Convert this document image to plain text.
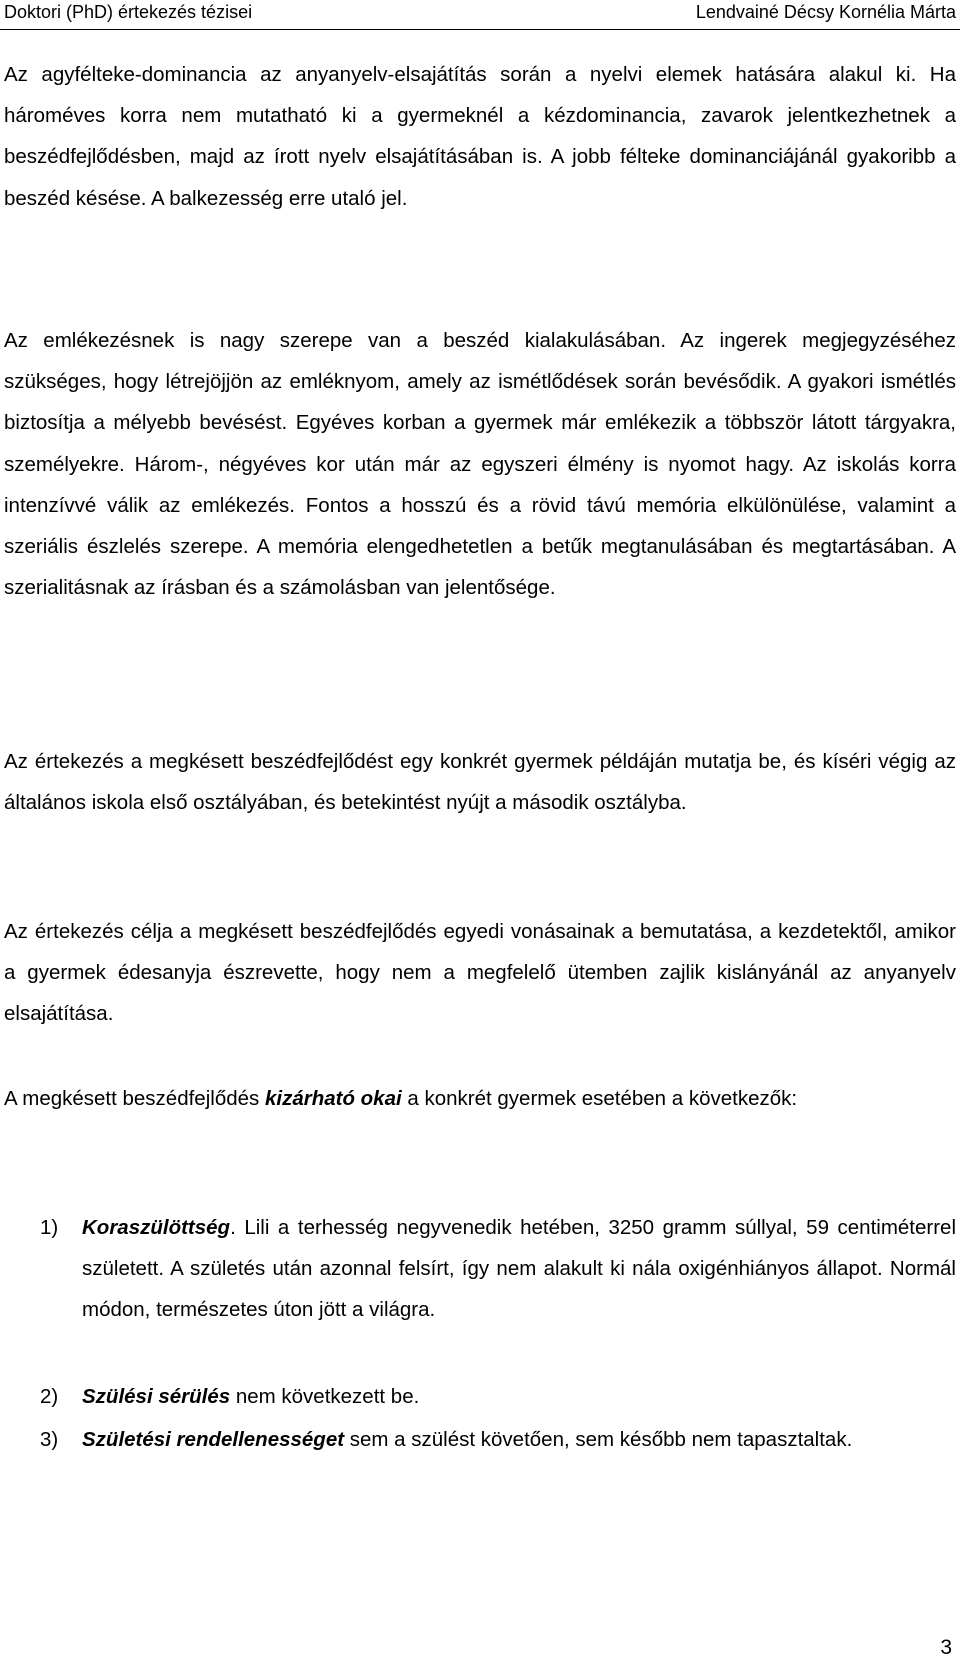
Doktori (PhD) értekezés tézisei	Lendvainé Décsy Kornélia Márta

Az agyfélteke-dominancia az anyanyelv-elsajátítás során a nyelvi elemek hatására alakul ki. Ha hároméves korra nem mutatható ki a gyermeknél a kézdominancia, zavarok jelentkezhetnek a beszédfejlődésben, majd az írott nyelv elsajátításában is. A jobb félteke dominanciájánál gyakoribb a beszéd késése. A balkezesség erre utaló jel.

Az emlékezésnek is nagy szerepe van a beszéd kialakulásában. Az ingerek megjegyzéséhez szükséges, hogy létrejöjjön az emléknyom, amely az ismétlődések során bevésődik. A gyakori ismétlés biztosítja a mélyebb bevésést. Egyéves korban a gyermek már emlékezik a többször látott tárgyakra, személyekre. Három-, négyéves kor után már az egyszeri élmény is nyomot hagy. Az iskolás korra intenzívvé válik az emlékezés. Fontos a hosszú és a rövid távú memória elkülönülése, valamint a szeriális észlelés szerepe. A memória elengedhetetlen a betűk megtanulásában és megtartásában. A szerialitásnak az írásban és a számolásban van jelentősége.

Az értekezés a megkésett beszédfejlődést egy konkrét gyermek példáján mutatja be, és kíséri végig az általános iskola első osztályában, és betekintést nyújt a második osztályba.

Az értekezés célja a megkésett beszédfejlődés egyedi vonásainak a bemutatása, a kezdetektől, amikor a gyermek édesanyja észrevette, hogy nem a megfelelő ütemben zajlik kislányánál az anyanyelv elsajátítása.

A megkésett beszédfejlődés kizárható okai a konkrét gyermek esetében a következők:

1) Koraszülöttség. Lili a terhesség negyvenedik hetében, 3250 gramm súllyal, 59 centiméterrel született. A születés után azonnal felsírt, így nem alakult ki nála oxigénhiányos állapot. Normál módon, természetes úton jött a világra.
2) Szülési sérülés nem következett be.
3) Születési rendellenességet sem a szülést követően, sem később nem tapasztaltak.
3
